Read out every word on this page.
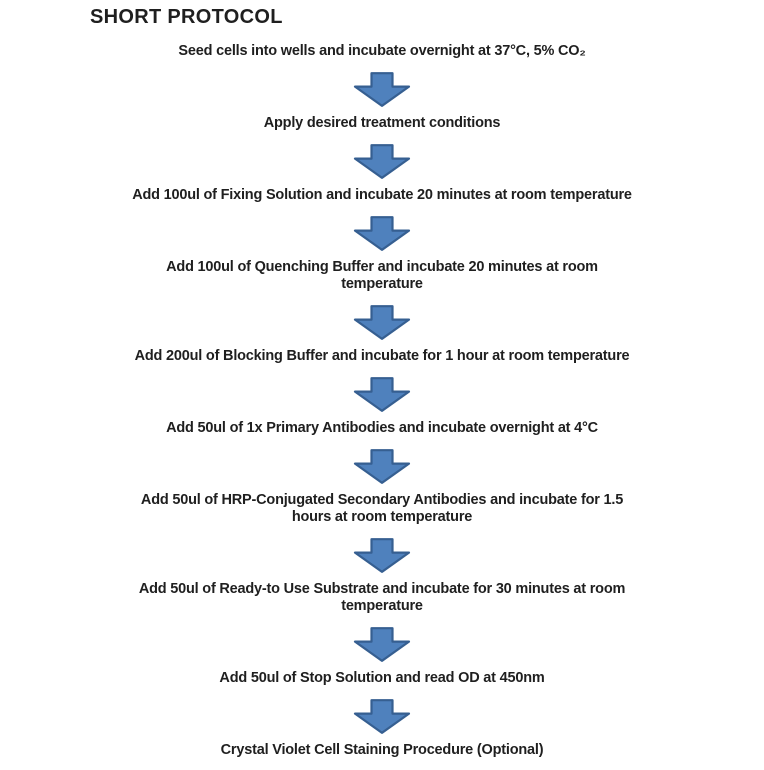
SHORT PROTOCOL
Seed cells into wells and incubate overnight at 37°C, 5% CO₂
Apply desired treatment conditions
Add 100ul of Fixing Solution and incubate 20 minutes at room temperature
Add 100ul of Quenching Buffer and incubate 20 minutes at room
temperature
Add 200ul of Blocking Buffer and incubate for 1 hour at room temperature
Add 50ul of 1x Primary Antibodies and incubate overnight at 4°C
Add 50ul of HRP-Conjugated Secondary Antibodies and incubate for 1.5
hours at room temperature
Add 50ul of Ready-to Use Substrate and incubate for 30 minutes at room
temperature
Add 50ul of Stop Solution and read OD at 450nm
Crystal Violet Cell Staining Procedure (Optional)
